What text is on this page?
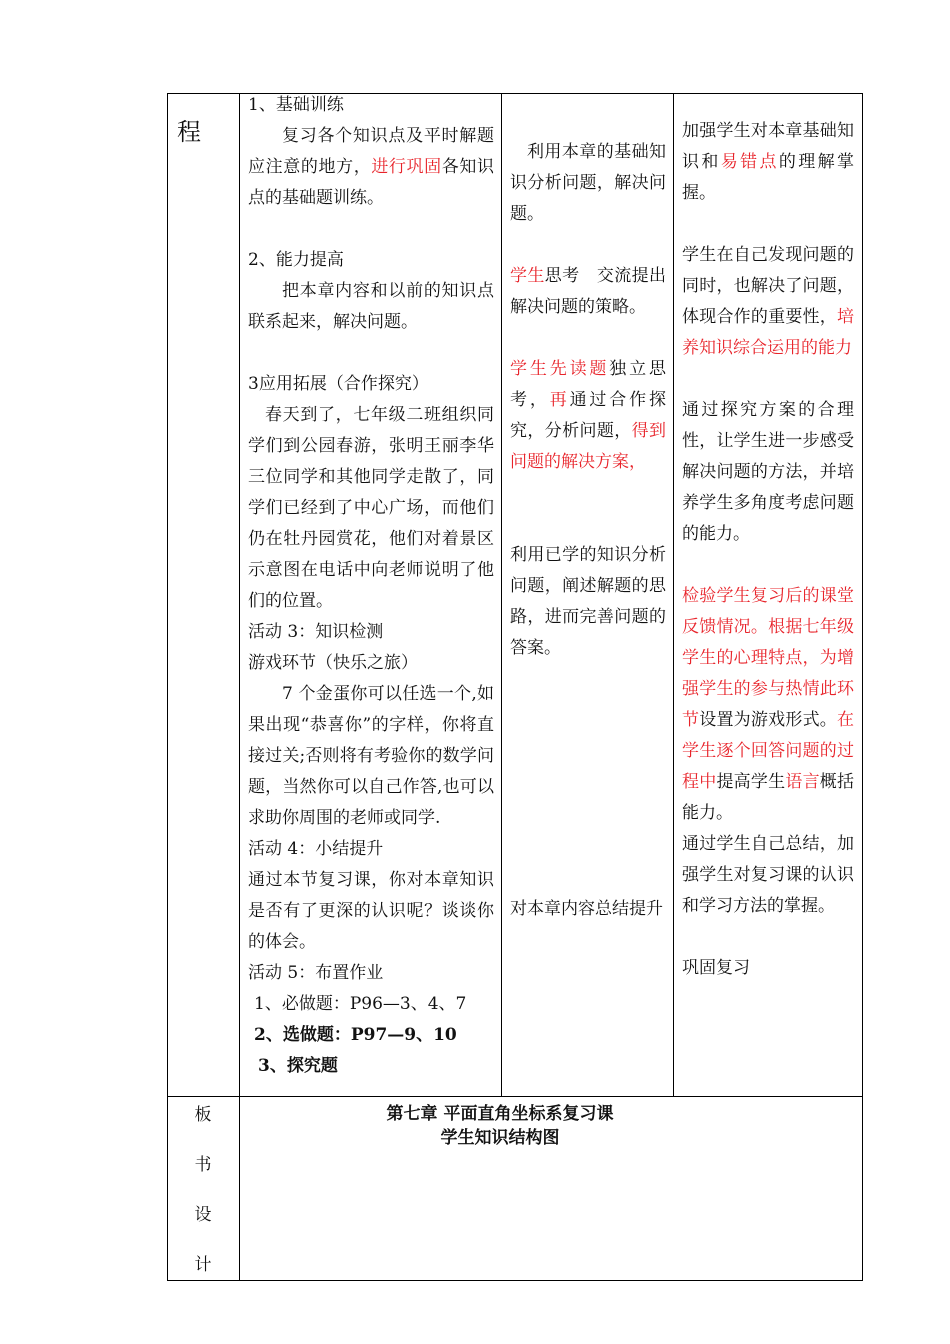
程

1、基础训练

复习各个知识点及平时解题应注意的地方，进行巩固各知识点的基础题训练。

2、能力提高

把本章内容和以前的知识点联系起来，解决问题。

3应用拓展（合作探究）

春天到了，七年级二班组织同学们到公园春游，张明王丽李华三位同学和其他同学走散了，同学们已经到了中心广场，而他们仍在牡丹园赏花，他们对着景区示意图在电话中向老师说明了他们的位置。

活动 3：知识检测

游戏环节（快乐之旅）

7 个金蛋你可以任选一个,如果出现“恭喜你”的字样，你将直接过关;否则将有考验你的数学问题，当然你可以自己作答,也可以求助你周围的老师或同学.

活动 4：小结提升

通过本节复习课，你对本章知识是否有了更深的认识呢？谈谈你的体会。

活动 5：布置作业

1、必做题：P96—3、4、7

2、选做题：P97—9、10

3、探究题

利用本章的基础知识分析问题，解决问题。

学生思考　交流提出解决问题的策略。

学生先读题独立思考，再通过合作探究，分析问题，得到问题的解决方案，

利用已学的知识分析问题，阐述解题的思路，进而完善问题的答案。

对本章内容总结提升

加强学生对本章基础知识和易错点的理解掌握。

学生在自己发现问题的同时，也解决了问题，体现合作的重要性，培养知识综合运用的能力

通过探究方案的合理性，让学生进一步感受解决问题的方法，并培养学生多角度考虑问题的能力。

检验学生复习后的课堂反馈情况。根据七年级学生的心理特点，为增强学生的参与热情此环节设置为游戏形式。在学生逐个回答问题的过程中提高学生语言概括能力。

通过学生自己总结，加强学生对复习课的认识和学习方法的掌握。

巩固复习

板
书
设
计
第七章 平面直角坐标系复习课
学生知识结构图
